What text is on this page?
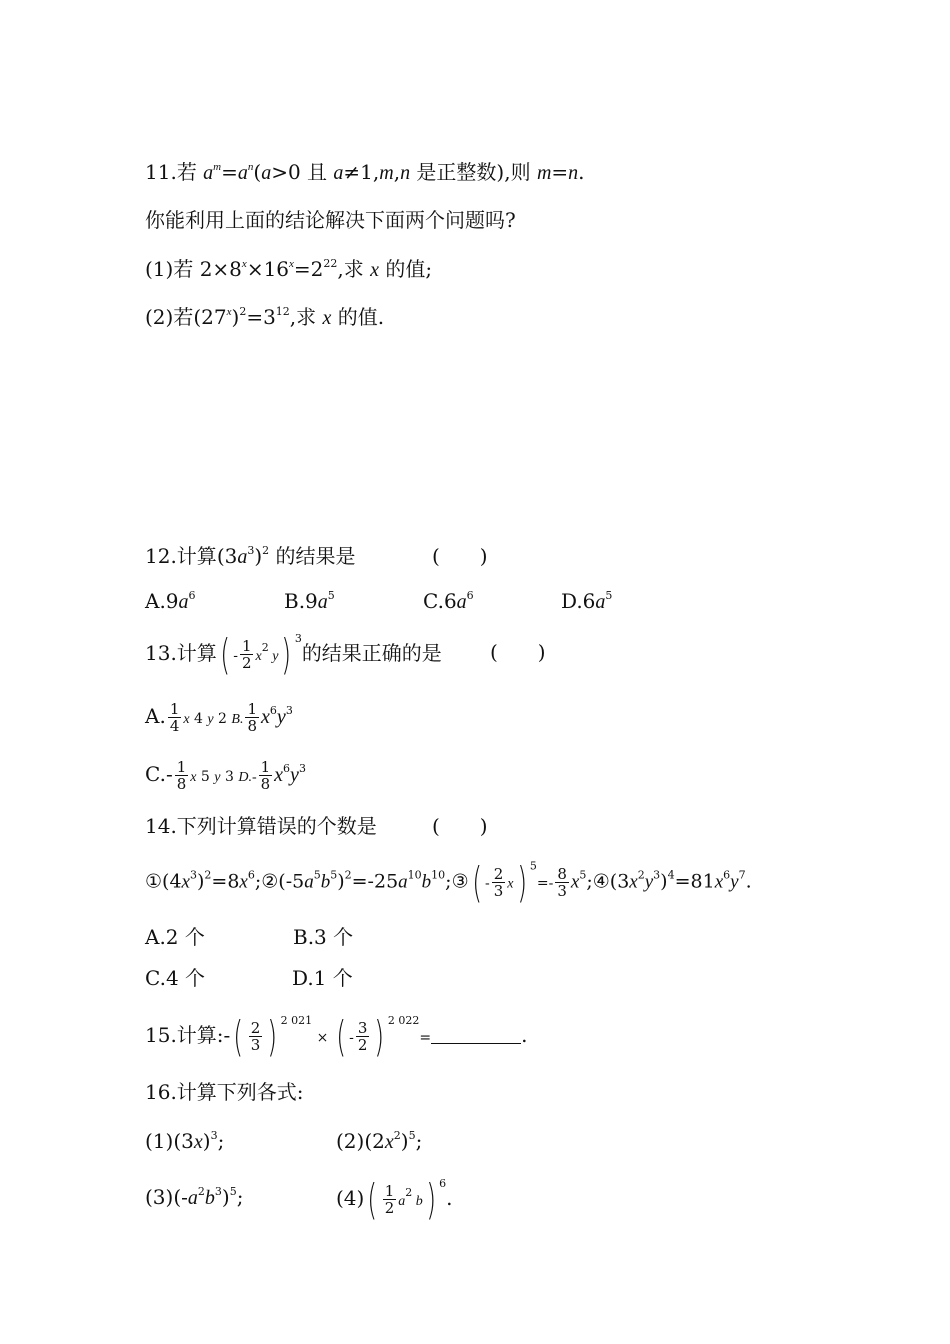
11.若 $a^m=a^n(a>0$ 且 a≠1,m,n 是正整数),则 m=n.
你能利用上面的结论解决下面两个问题吗?
(1)若 $2\times 8^x\times 16^x=2^{22}$,求 x 的值;
(2)若$(27^x)^2=3^{12}$,求 x 的值.
12.计算$(3a^3)^2$ 的结果是	(　　)
$A.9a^6$	$B.9a^5$	$C.6a^6$	$D.6a^5$
13.计算( - $\frac{1}{2} x^2$ y) $^3$的结果正确的是 (　　)
A. $\frac{1}{4}$ x 4 y 2 B. $\frac{1}{8} x^6y^3$
$C.- \frac{1}{8}$ x 5 y 3 $D.- \frac{1}{8} x^6y^3$
14.下列计算错误的个数是	(　　)
$①(4x^3)^2=8x^6;②(-5a^5b^5)^2=-25a^{10}b^{10};③( - \frac{2}{3} x)$ $^5=- \frac{8}{3}$ $x^5;④(3x^2y^3)^4=81x^6y^7$.
A.2 个	B.3 个
C.4 个	D.1 个
15.计算:-( $\frac{2}{3}$ ) $^{2 021}$ × ( - $\frac{3}{2}$ ) $^{2 022}$=	.
16.计算下列各式:
$(1)(3x)^3$;	$(2)(2x^2)^5$;
$(3)(-a^2b^3)^5$;	$(4)( \frac{1}{2} a^2$ b) $^6$.
